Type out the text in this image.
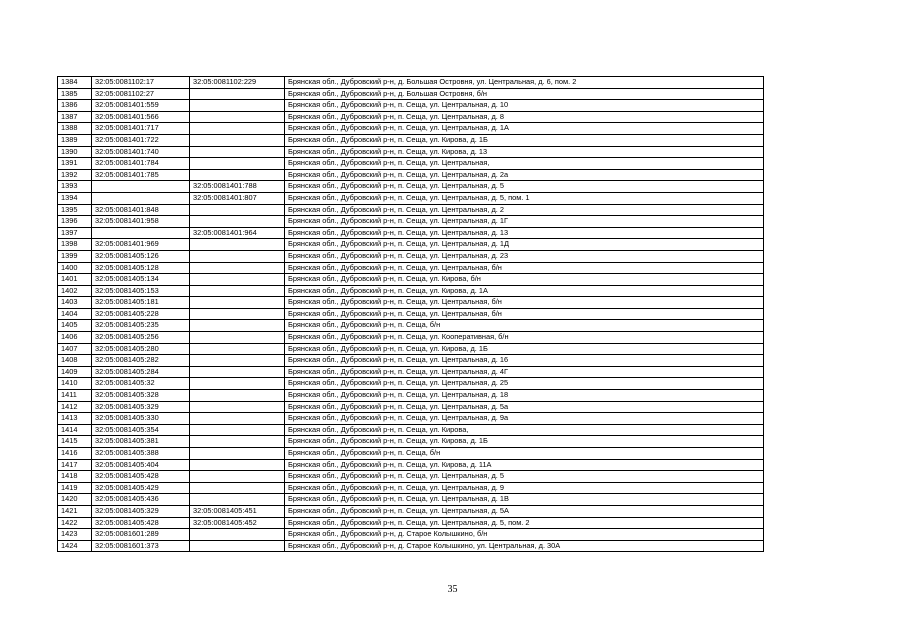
1384	32:05:0081102:17	32:05:0081102:229	Брянская обл., Дубровский р-н, д. Большая Островня, ул. Центральная, д. 6, пом. 2
1385	32:05:0081102:27		Брянская обл., Дубровский р-н, д. Большая Островня, б/н
1386	32:05:0081401:559		Брянская обл., Дубровский р-н, п. Сеща, ул. Центральная, д. 10
1387	32:05:0081401:566		Брянская обл., Дубровский р-н, п. Сеща, ул. Центральная, д. 8
1388	32:05:0081401:717		Брянская обл., Дубровский р-н, п. Сеща, ул. Центральная, д. 1А
1389	32:05:0081401:722		Брянская обл., Дубровский р-н, п. Сеща, ул. Кирова, д. 1Б
1390	32:05:0081401:740		Брянская обл., Дубровский р-н, п. Сеща, ул. Кирова, д. 13
1391	32:05:0081401:784		Брянская обл., Дубровский р-н, п. Сеща, ул. Центральная,
1392	32:05:0081401:785		Брянская обл., Дубровский р-н, п. Сеща, ул. Центральная, д. 2а
1393		32:05:0081401:788	Брянская обл., Дубровский р-н, п. Сеща, ул. Центральная, д. 5
1394		32:05:0081401:807	Брянская обл., Дубровский р-н, п. Сеща, ул. Центральная, д. 5, пом. 1
1395	32:05:0081401:848		Брянская обл., Дубровский р-н, п. Сеща, ул. Центральная, д. 2
1396	32:05:0081401:958		Брянская обл., Дубровский р-н, п. Сеща, ул. Центральная, д. 1Г
1397		32:05:0081401:964	Брянская обл., Дубровский р-н, п. Сеща, ул. Центральная, д. 13
1398	32:05:0081401:969		Брянская обл., Дубровский р-н, п. Сеща, ул. Центральная, д. 1Д
1399	32:05:0081405:126		Брянская обл., Дубровский р-н, п. Сеща, ул. Центральная, д. 23
1400	32:05:0081405:128		Брянская обл., Дубровский р-н, п. Сеща, ул. Центральная, б/н
1401	32:05:0081405:134		Брянская обл., Дубровский р-н, п. Сеща, ул. Кирова, б/н
1402	32:05:0081405:153		Брянская обл., Дубровский р-н, п. Сеща, ул. Кирова, д. 1А
1403	32:05:0081405:181		Брянская обл., Дубровский р-н, п. Сеща, ул. Центральная, б/н
1404	32:05:0081405:228		Брянская обл., Дубровский р-н, п. Сеща, ул. Центральная, б/н
1405	32:05:0081405:235		Брянская обл., Дубровский р-н, п. Сеща, б/н
1406	32:05:0081405:256		Брянская обл., Дубровский р-н, п. Сеща, ул. Кооперативная, б/н
1407	32:05:0081405:280		Брянская обл., Дубровский р-н, п. Сеща, ул. Кирова, д. 1Б
1408	32:05:0081405:282		Брянская обл., Дубровский р-н, п. Сеща, ул. Центральная, д. 16
1409	32:05:0081405:284		Брянская обл., Дубровский р-н, п. Сеща, ул. Центральная, д. 4Г
1410	32:05:0081405:32		Брянская обл., Дубровский р-н, п. Сеща, ул. Центральная, д. 25
1411	32:05:0081405:328		Брянская обл., Дубровский р-н, п. Сеща, ул. Центральная, д. 18
1412	32:05:0081405:329		Брянская обл., Дубровский р-н, п. Сеща, ул. Центральная, д. 5а
1413	32:05:0081405:330		Брянская обл., Дубровский р-н, п. Сеща, ул. Центральная, д. 9а
1414	32:05:0081405:354		Брянская обл., Дубровский р-н, п. Сеща, ул. Кирова,
1415	32:05:0081405:381		Брянская обл., Дубровский р-н, п. Сеща, ул. Кирова, д. 1Б
1416	32:05:0081405:388		Брянская обл., Дубровский р-н, п. Сеща, б/н
1417	32:05:0081405:404		Брянская обл., Дубровский р-н, п. Сеща, ул. Кирова, д. 11А
1418	32:05:0081405:428		Брянская обл., Дубровский р-н, п. Сеща, ул. Центральная, д. 5
1419	32:05:0081405:429		Брянская обл., Дубровский р-н, п. Сеща, ул. Центральная, д. 9
1420	32:05:0081405:436		Брянская обл., Дубровский р-н, п. Сеща, ул. Центральная, д. 1В
1421	32:05:0081405:329	32:05:0081405:451	Брянская обл., Дубровский р-н, п. Сеща, ул. Центральная, д. 5А
1422	32:05:0081405:428	32:05:0081405:452	Брянская обл., Дубровский р-н, п. Сеща, ул. Центральная, д. 5, пом. 2
1423	32:05:0081601:289		Брянская обл., Дубровский р-н, д. Старое Колышкино, б/н
1424	32:05:0081601:373		Брянская обл., Дубровский р-н, д. Старое Колышкино, ул. Центральная, д. 30А
35
